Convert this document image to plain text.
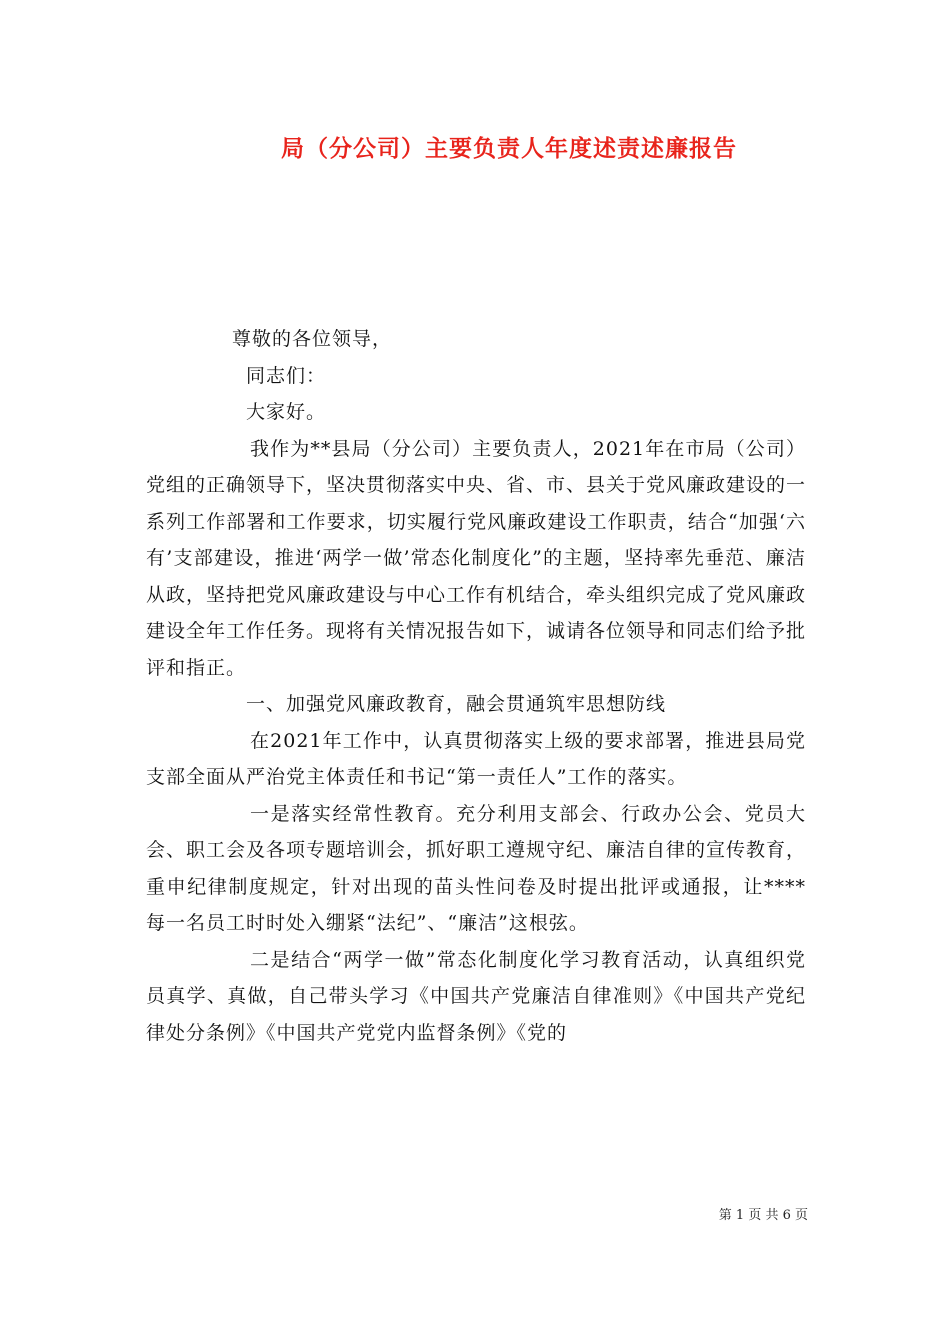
局（分公司）主要负责人年度述责述廉报告

尊敬的各位领导，

同志们：

大家好。

我作为**县局（分公司）主要负责人，2021年在市局（公司）党组的正确领导下，坚决贯彻落实中央、省、市、县关于党风廉政建设的一系列工作部署和工作要求，切实履行党风廉政建设工作职责，结合“加强‘六有’支部建设，推进‘两学一做’常态化制度化”的主题，坚持率先垂范、廉洁从政，坚持把党风廉政建设与中心工作有机结合，牵头组织完成了党风廉政建设全年工作任务。现将有关情况报告如下，诚请各位领导和同志们给予批评和指正。

一、加强党风廉政教育，融会贯通筑牢思想防线

在2021年工作中，认真贯彻落实上级的要求部署，推进县局党支部全面从严治党主体责任和书记“第一责任人”工作的落实。

一是落实经常性教育。充分利用支部会、行政办公会、党员大会、职工会及各项专题培训会，抓好职工遵规守纪、廉洁自律的宣传教育，重申纪律制度规定，针对出现的苗头性问卷及时提出批评或通报，让****每一名员工时时处入绷紧“法纪”、“廉洁”这根弦。

二是结合“两学一做”常态化制度化学习教育活动，认真组织党员真学、真做，自己带头学习《中国共产党廉洁自律准则》《中国共产党纪律处分条例》《中国共产党党内监督条例》《党的

第 1 页 共 6 页
